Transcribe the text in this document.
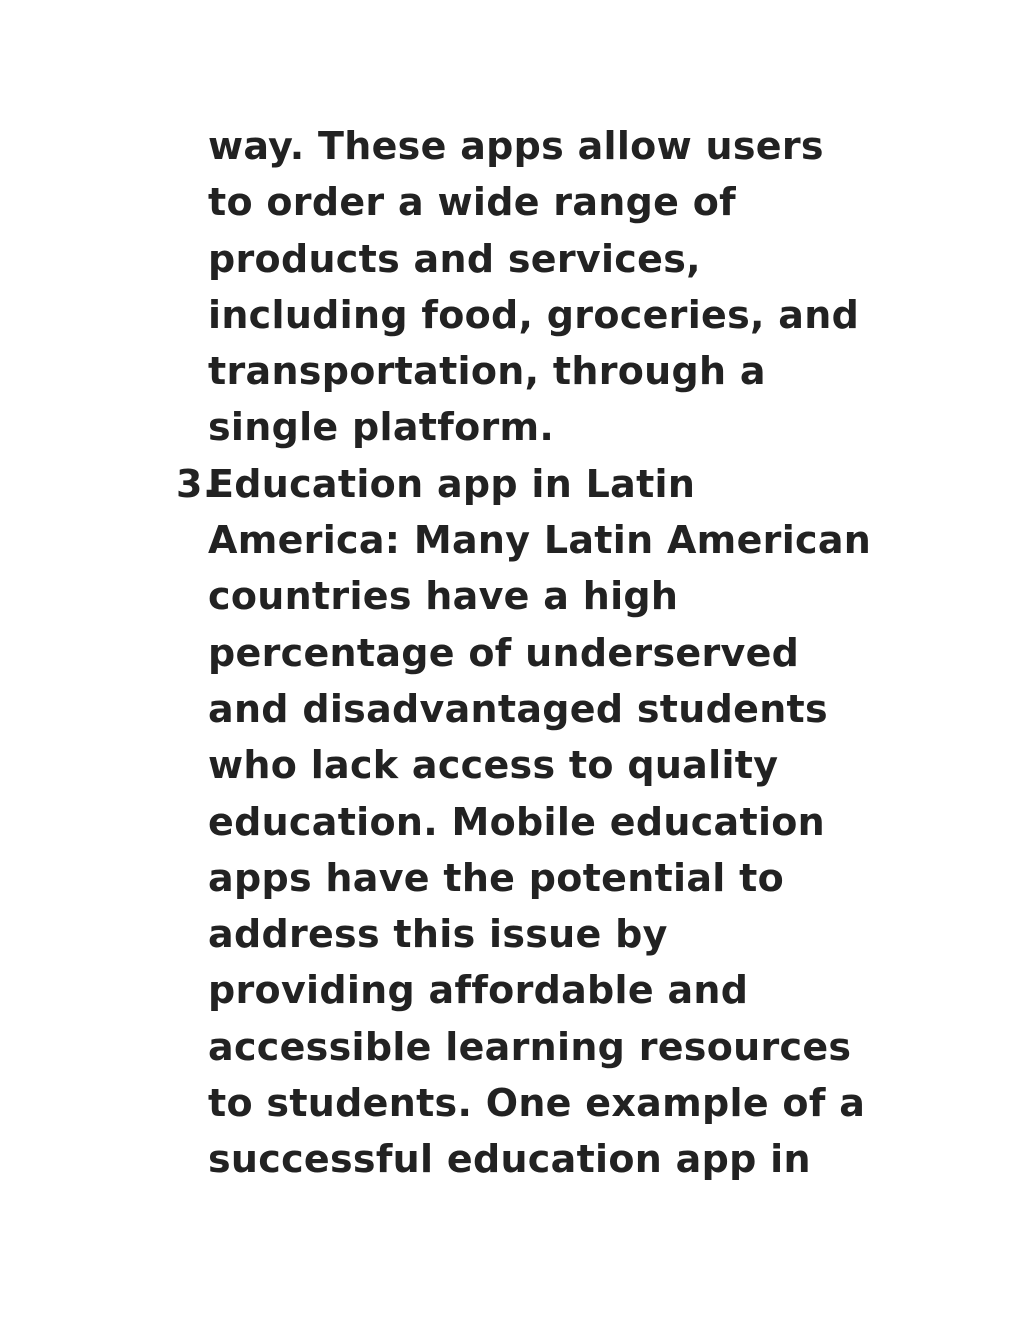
way. These apps allow users
to order a wide range of
products and services,
including food, groceries, and
transportation, through a
single platform.
3.
Education app in Latin
America: Many Latin American
countries have a high
percentage of underserved
and disadvantaged students
who lack access to quality
education. Mobile education
apps have the potential to
address this issue by
providing affordable and
accessible learning resources
to students. One example of a
successful education app in
